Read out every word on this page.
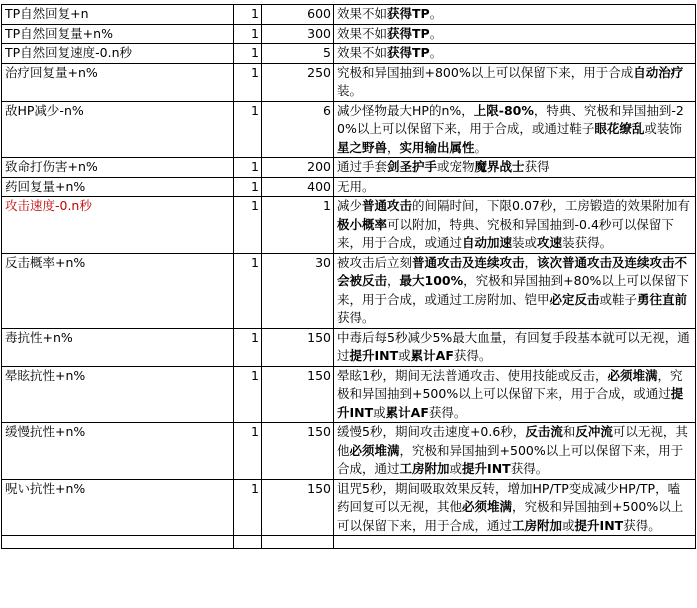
TP自然回复+n	1	600	效果不如获得TP。
TP自然回复量+n%	1	300	效果不如获得TP。
TP自然回复速度-0.n秒	1	5	效果不如获得TP。
治疗回复量+n%	1	250	究极和异国抽到+800%以上可以保留下来，用于合成自动治疗装。
敌HP减少-n%	1	6	减少怪物最大HP的n%，上限-80%，特典、究极和异国抽到-20%以上可以保留下来，用于合成，或通过鞋子眼花缭乱或装饰星之野兽，实用输出属性。
致命打伤害+n%	1	200	通过手套剑圣护手或宠物魔界战士获得
药回复量+n%	1	400	无用。
攻击速度-0.n秒	1	1	减少普通攻击的间隔时间，下限0.07秒，工房锻造的效果附加有极小概率可以附加，特典、究极和异国抽到-0.4秒可以保留下来，用于合成，或通过自动加速装或攻速装获得。
反击概率+n%	1	30	被攻击后立刻普通攻击及连续攻击，该次普通攻击及连续攻击不会被反击，最大100%，究极和异国抽到+80%以上可以保留下来，用于合成，或通过工房附加、铠甲必定反击或鞋子勇往直前获得。
毒抗性+n%	1	150	中毒后每5秒减少5%最大血量，有回复手段基本就可以无视，通过提升INT或累计AF获得。
晕眩抗性+n%	1	150	晕眩1秒，期间无法普通攻击、使用技能或反击，必须堆满，究极和异国抽到+500%以上可以保留下来，用于合成，或通过提升INT或累计AF获得。
缓慢抗性+n%	1	150	缓慢5秒，期间攻击速度+0.6秒，反击流和反冲流可以无视，其他必须堆满，究极和异国抽到+500%以上可以保留下来，用于合成，通过工房附加或提升INT获得。
呪い抗性+n%	1	150	诅咒5秒，期间吸取效果反转，增加HP/TP变成减少HP/TP，嗑药回复可以无视，其他必须堆满，究极和异国抽到+500%以上可以保留下来，用于合成，通过工房附加或提升INT获得。
